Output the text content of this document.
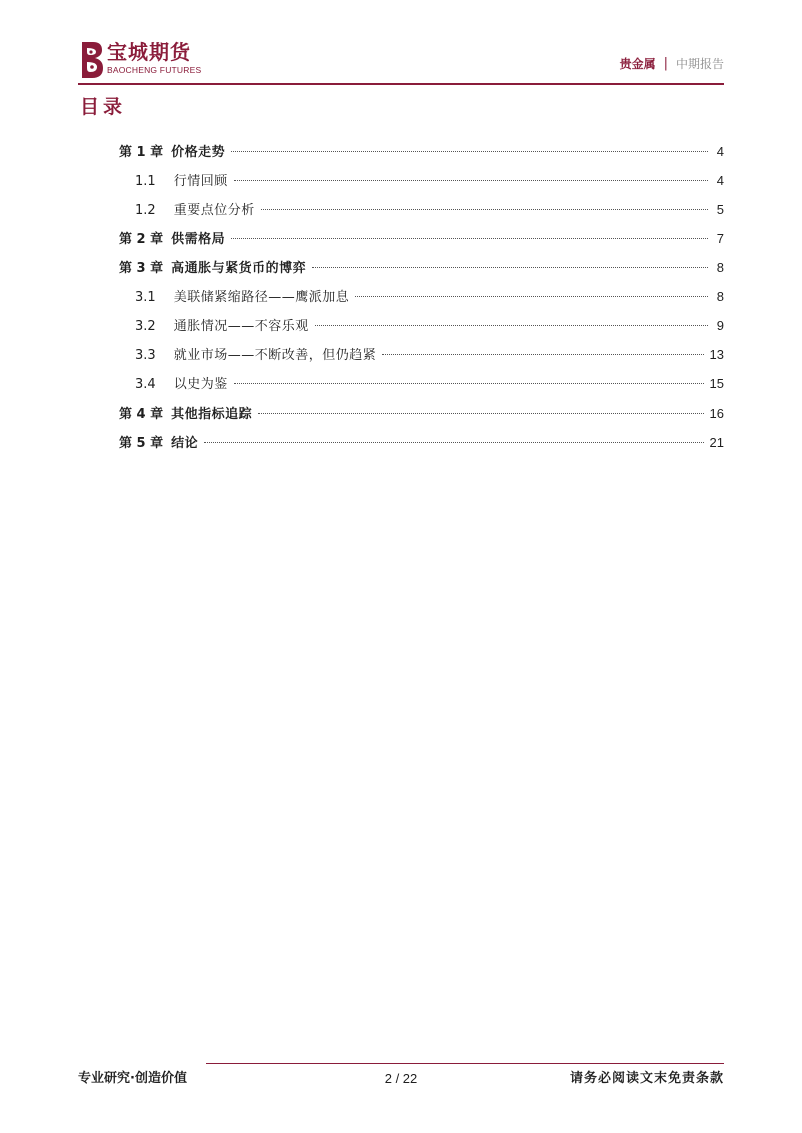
宝城期货
BAOCHENG FUTURES	贵金属 | 中期报告
目录
第 1 章 价格走势	4
1.1 行情回顾	4
1.2 重要点位分析	5
第 2 章 供需格局	7
第 3 章 高通胀与紧货币的博弈	8
3.1 美联储紧缩路径——鹰派加息	8
3.2 通胀情况——不容乐观	9
3.3 就业市场——不断改善，但仍趋紧	13
3.4 以史为鉴	15
第 4 章 其他指标追踪	16
第 5 章 结论	21
专业研究·创造价值	2 / 22	请务必阅读文末免责条款
